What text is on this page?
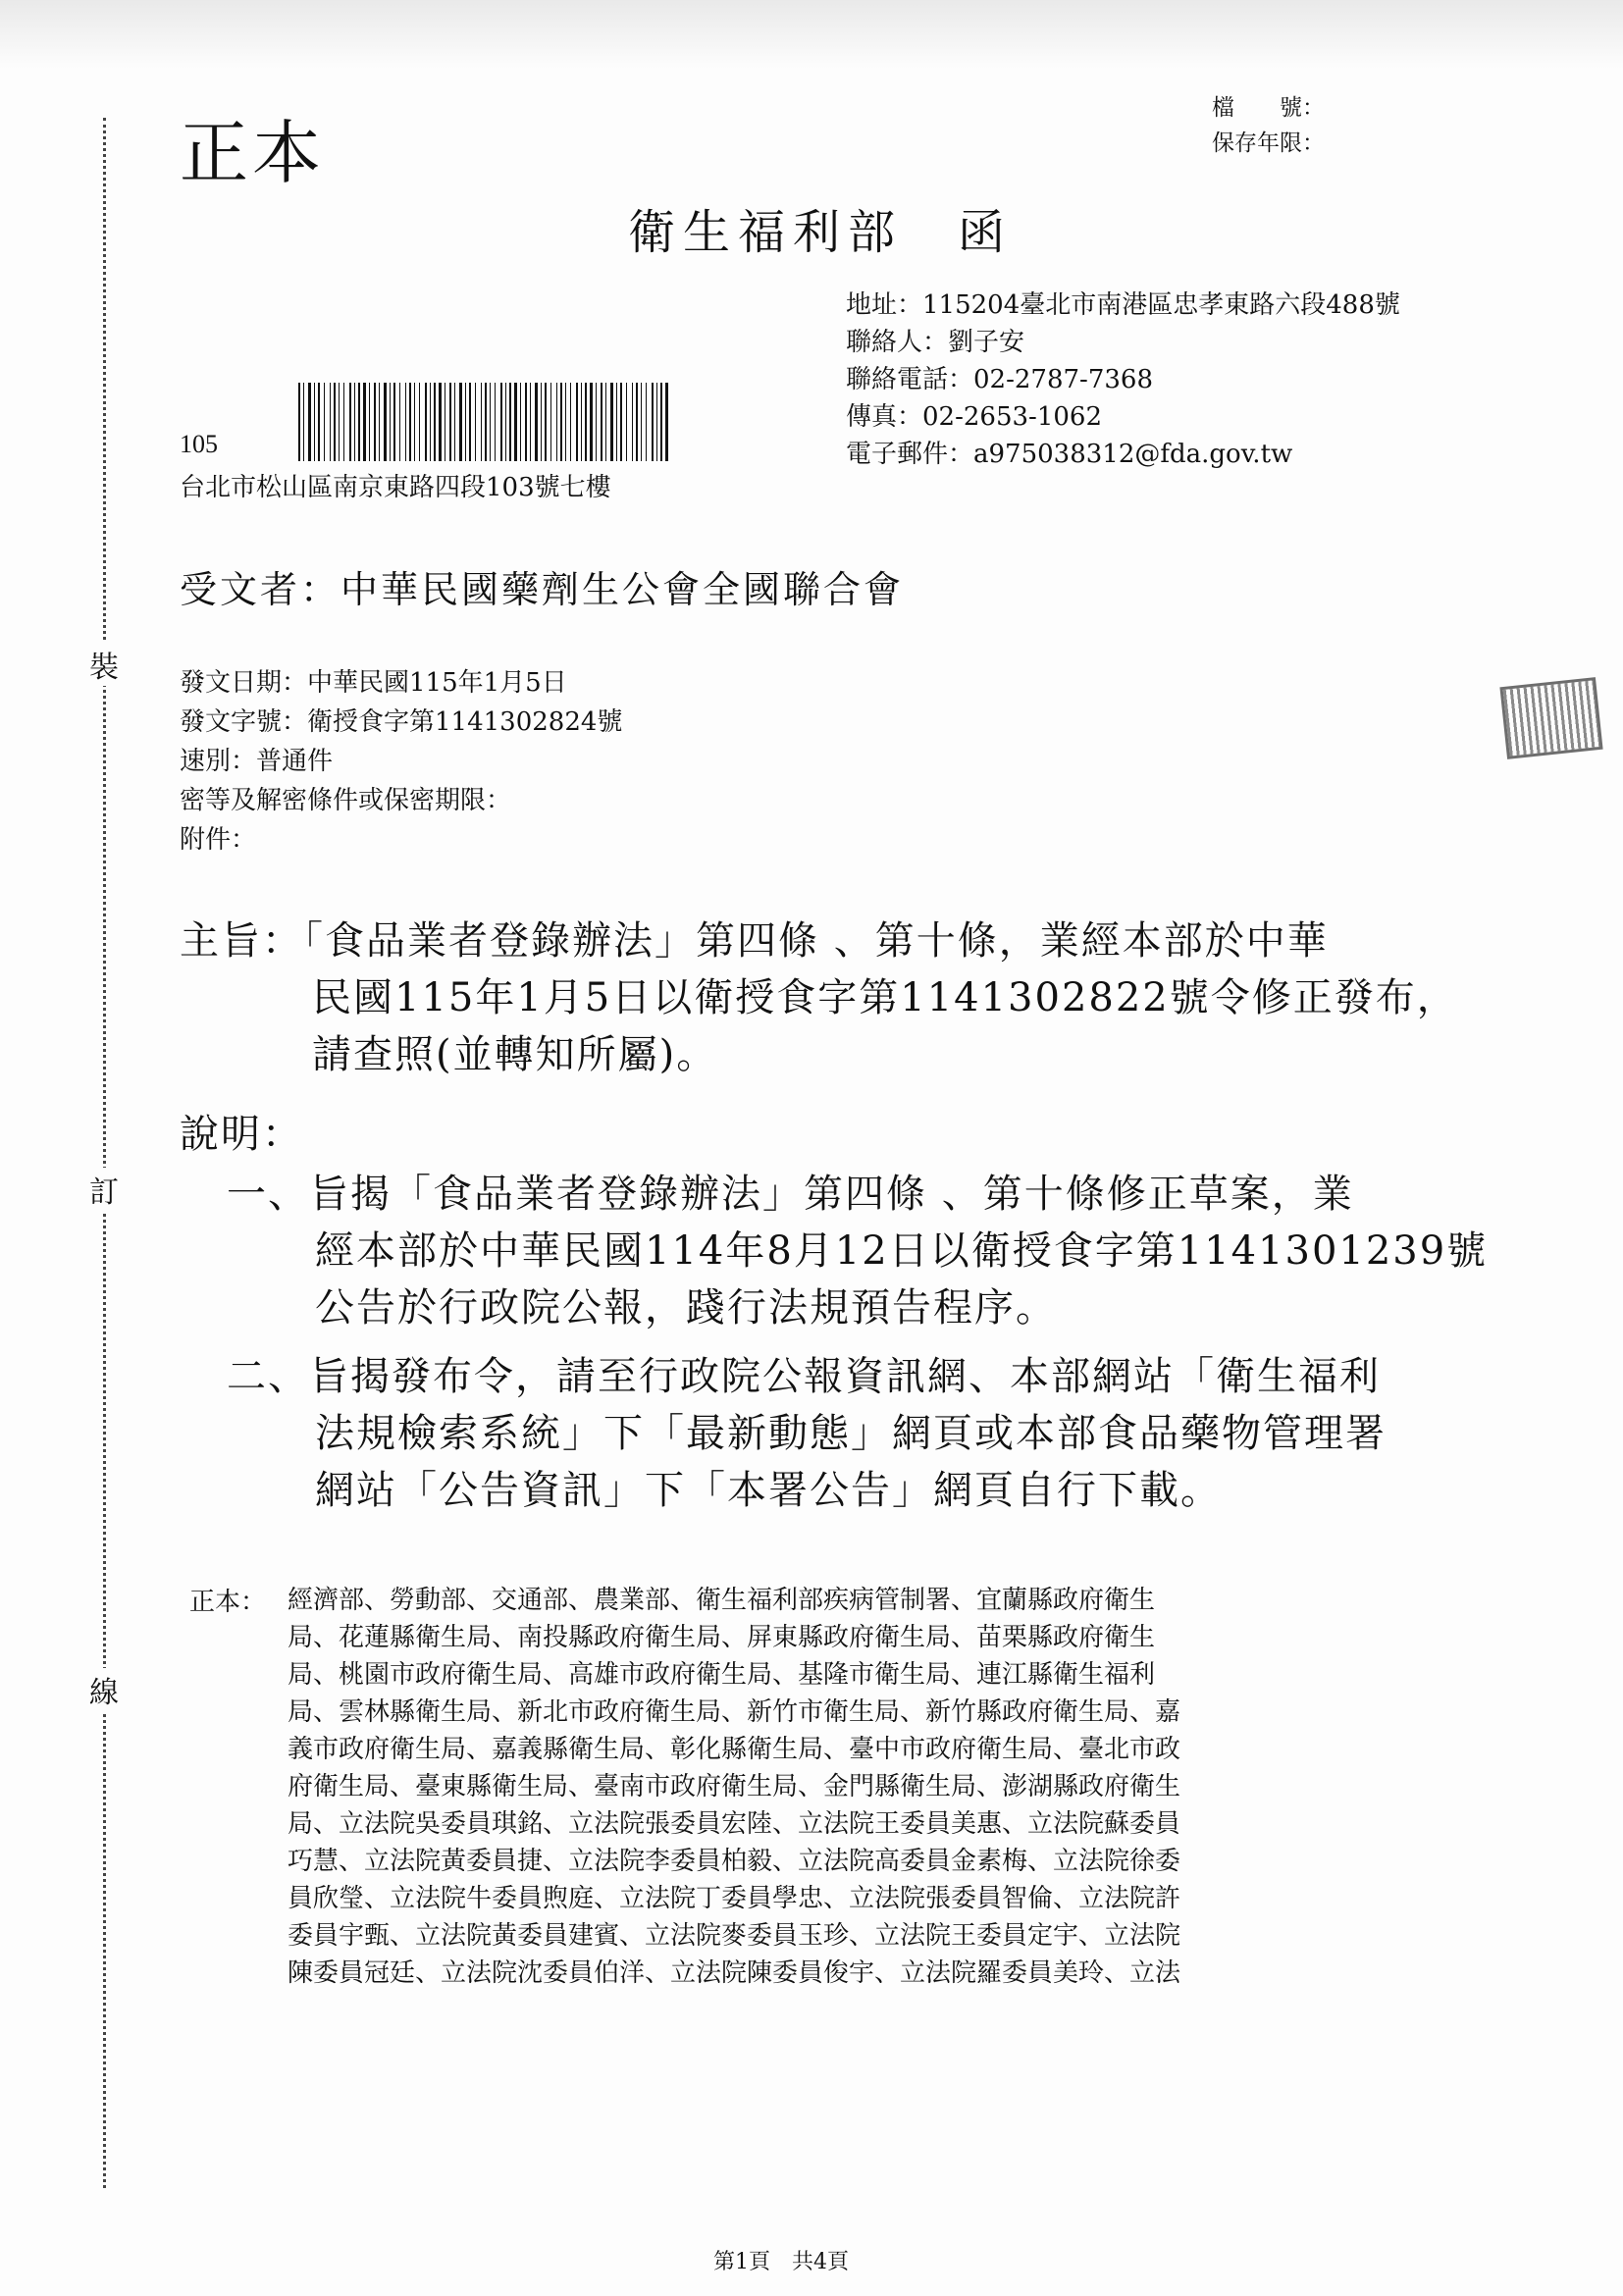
裝
訂
線
正本
檔　　號：
保存年限：
衛生福利部　函
地址：115204臺北市南港區忠孝東路六段488號
聯絡人：劉子安
聯絡電話：02-2787-7368
傳真：02-2653-1062
電子郵件：a975038312@fda.gov.tw
105
台北市松山區南京東路四段103號七樓
受文者：中華民國藥劑生公會全國聯合會
發文日期：中華民國115年1月5日
發文字號：衛授食字第1141302824號
速別：普通件
密等及解密條件或保密期限：
附件：
主旨：「食品業者登錄辦法」第四條 、第十條，業經本部於中華
民國115年1月5日以衛授食字第1141302822號令修正發布，
請查照(並轉知所屬)。
說明：
一、旨揭「食品業者登錄辦法」第四條 、第十條修正草案，業
經本部於中華民國114年8月12日以衛授食字第1141301239號
公告於行政院公報，踐行法規預告程序。
二、旨揭發布令，請至行政院公報資訊網、本部網站「衛生福利
法規檢索系統」下「最新動態」網頁或本部食品藥物管理署
網站「公告資訊」下「本署公告」網頁自行下載。
正本： 經濟部、勞動部、交通部、農業部、衛生福利部疾病管制署、宜蘭縣政府衛生
局、花蓮縣衛生局、南投縣政府衛生局、屏東縣政府衛生局、苗栗縣政府衛生
局、桃園市政府衛生局、高雄市政府衛生局、基隆市衛生局、連江縣衛生福利
局、雲林縣衛生局、新北市政府衛生局、新竹市衛生局、新竹縣政府衛生局、嘉
義市政府衛生局、嘉義縣衛生局、彰化縣衛生局、臺中市政府衛生局、臺北市政
府衛生局、臺東縣衛生局、臺南市政府衛生局、金門縣衛生局、澎湖縣政府衛生
局、立法院吳委員琪銘、立法院張委員宏陸、立法院王委員美惠、立法院蘇委員
巧慧、立法院黃委員捷、立法院李委員柏毅、立法院高委員金素梅、立法院徐委
員欣瑩、立法院牛委員煦庭、立法院丁委員學忠、立法院張委員智倫、立法院許
委員宇甄、立法院黃委員建賓、立法院麥委員玉珍、立法院王委員定宇、立法院
陳委員冠廷、立法院沈委員伯洋、立法院陳委員俊宇、立法院羅委員美玲、立法
第1頁　共4頁
